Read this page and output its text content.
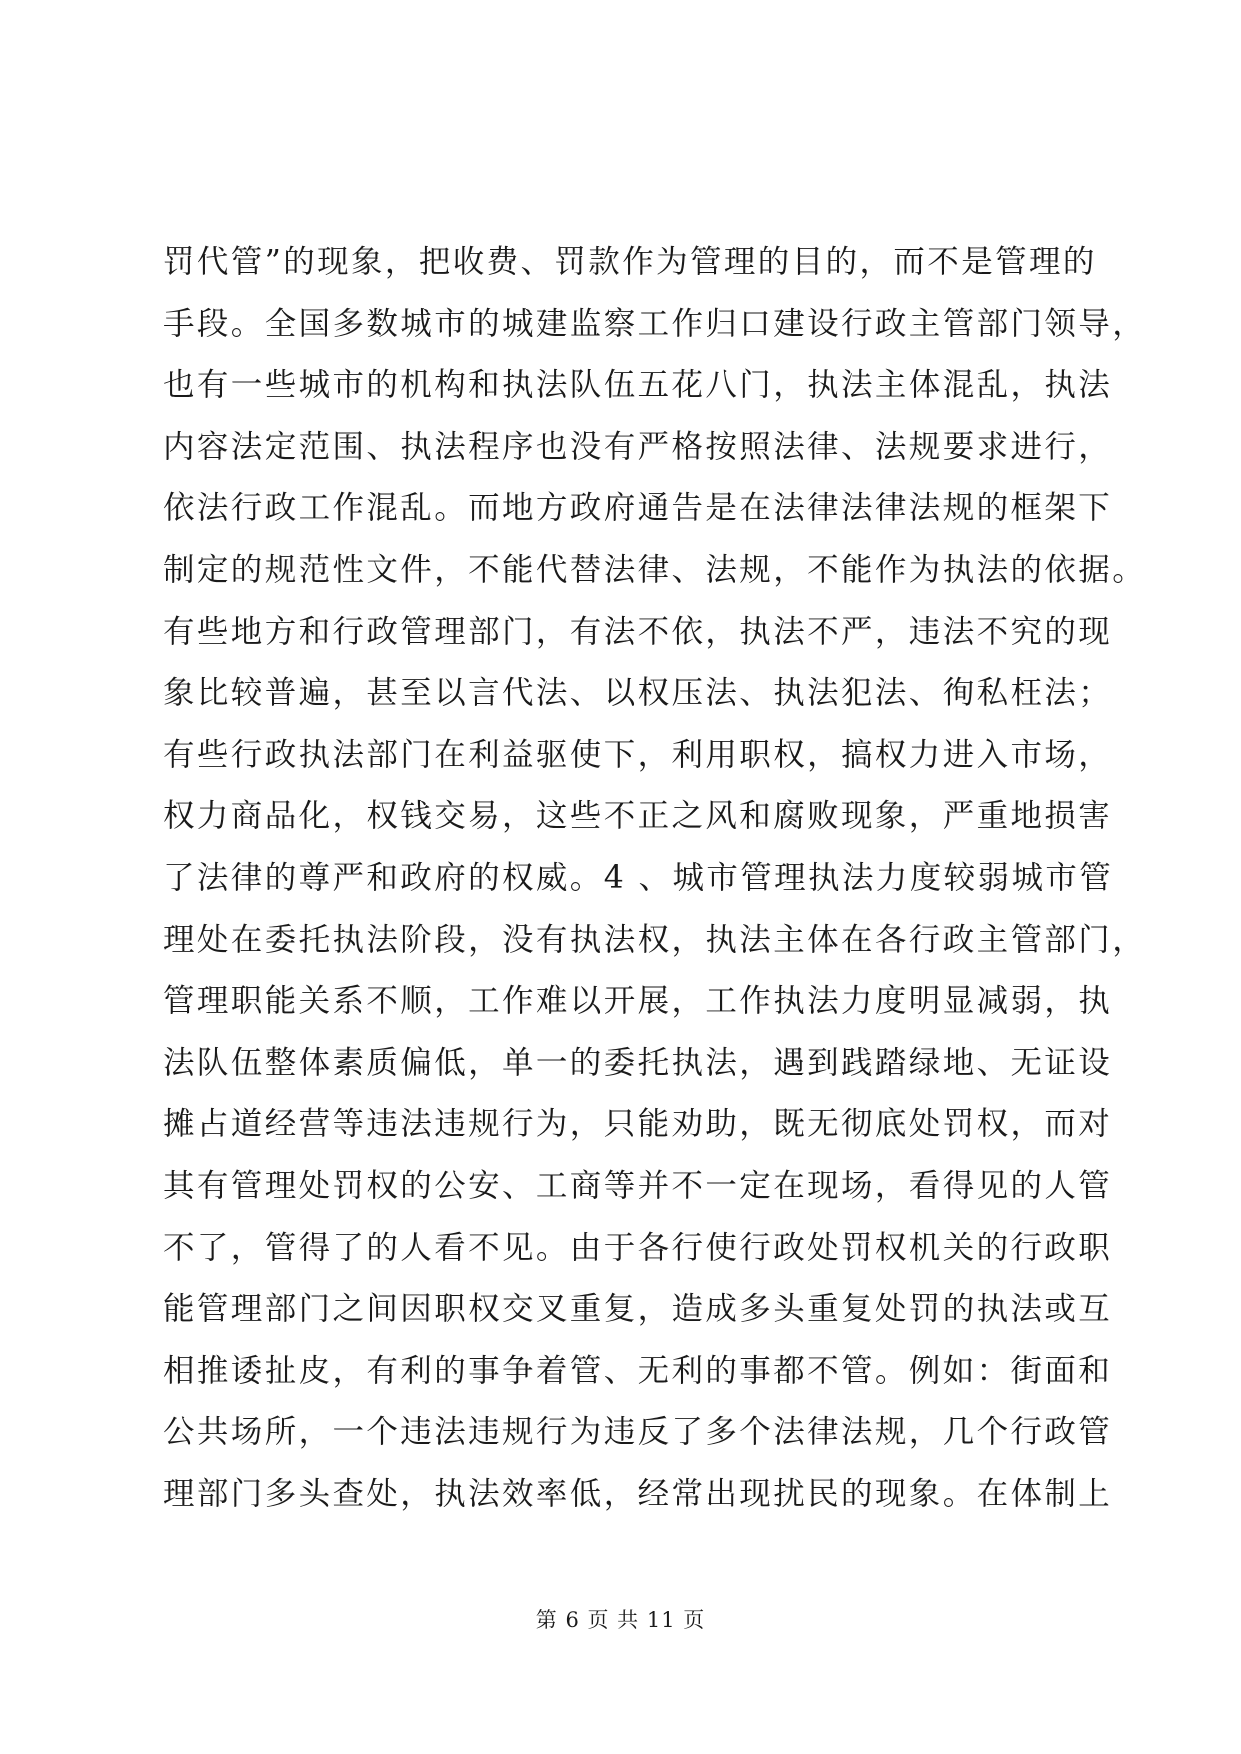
罚代管”的现象，把收费、罚款作为管理的目的，而不是管理的
手段。全国多数城市的城建监察工作归口建设行政主管部门领导，
也有一些城市的机构和执法队伍五花八门，执法主体混乱，执法
内容法定范围、执法程序也没有严格按照法律、法规要求进行，
依法行政工作混乱。而地方政府通告是在法律法律法规的框架下
制定的规范性文件，不能代替法律、法规，不能作为执法的依据。
有些地方和行政管理部门，有法不依，执法不严，违法不究的现
象比较普遍，甚至以言代法、以权压法、执法犯法、徇私枉法；
有些行政执法部门在利益驱使下，利用职权，搞权力进入市场，
权力商品化，权钱交易，这些不正之风和腐败现象，严重地损害
了法律的尊严和政府的权威。4 、城市管理执法力度较弱城市管
理处在委托执法阶段，没有执法权，执法主体在各行政主管部门，
管理职能关系不顺，工作难以开展，工作执法力度明显减弱，执
法队伍整体素质偏低，单一的委托执法，遇到践踏绿地、无证设
摊占道经营等违法违规行为，只能劝助，既无彻底处罚权，而对
其有管理处罚权的公安、工商等并不一定在现场，看得见的人管
不了，管得了的人看不见。由于各行使行政处罚权机关的行政职
能管理部门之间因职权交叉重复，造成多头重复处罚的执法或互
相推诿扯皮，有利的事争着管、无利的事都不管。例如：街面和
公共场所，一个违法违规行为违反了多个法律法规，几个行政管
理部门多头查处，执法效率低，经常出现扰民的现象。在体制上
第 6 页 共 11 页
